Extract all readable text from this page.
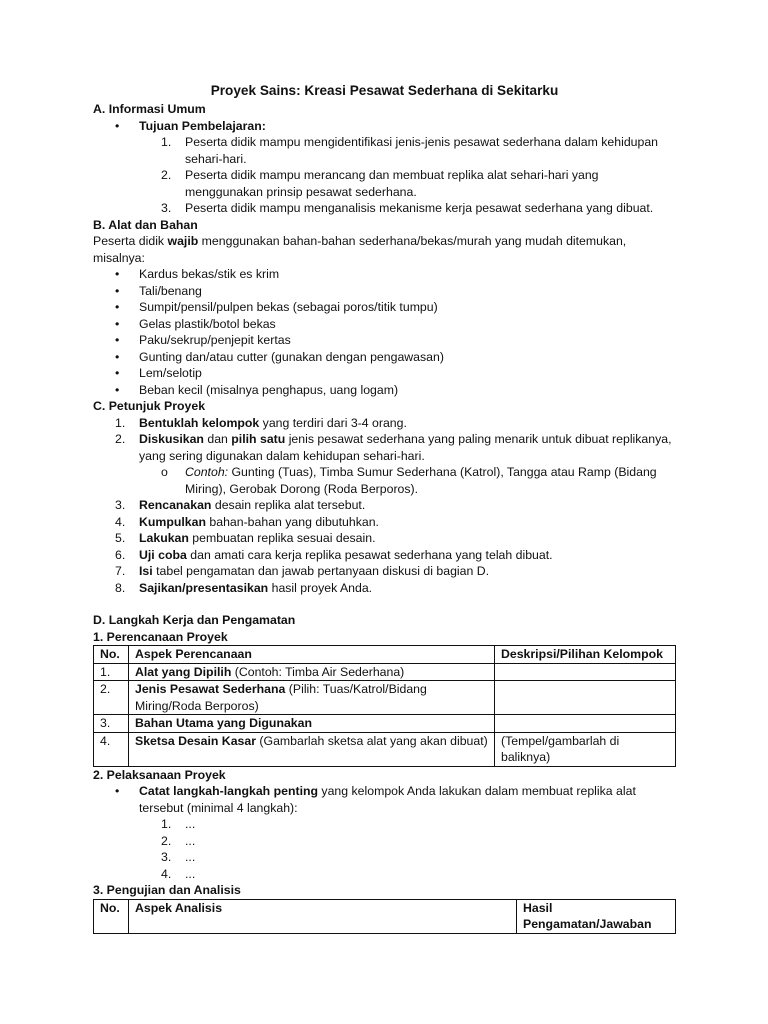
Proyek Sains: Kreasi Pesawat Sederhana di Sekitarku
A. Informasi Umum
• Tujuan Pembelajaran:
1. Peserta didik mampu mengidentifikasi jenis-jenis pesawat sederhana dalam kehidupan sehari-hari.
2. Peserta didik mampu merancang dan membuat replika alat sehari-hari yang menggunakan prinsip pesawat sederhana.
3. Peserta didik mampu menganalisis mekanisme kerja pesawat sederhana yang dibuat.
B. Alat dan Bahan

Peserta didik wajib menggunakan bahan-bahan sederhana/bekas/murah yang mudah ditemukan, misalnya:

• Kardus bekas/stik es krim
• Tali/benang
• Sumpit/pensil/pulpen bekas (sebagai poros/titik tumpu)
• Gelas plastik/botol bekas
• Paku/sekrup/penjepit kertas
• Gunting dan/atau cutter (gunakan dengan pengawasan)
• Lem/selotip
• Beban kecil (misalnya penghapus, uang logam)
C. Petunjuk Proyek
1. Bentuklah kelompok yang terdiri dari 3-4 orang.
2. Diskusikan dan pilih satu jenis pesawat sederhana yang paling menarik untuk dibuat replikanya, yang sering digunakan dalam kehidupan sehari-hari.
o Contoh: Gunting (Tuas), Timba Sumur Sederhana (Katrol), Tangga atau Ramp (Bidang Miring), Gerobak Dorong (Roda Berporos).
3. Rencanakan desain replika alat tersebut.
4. Kumpulkan bahan-bahan yang dibutuhkan.
5. Lakukan pembuatan replika sesuai desain.
6. Uji coba dan amati cara kerja replika pesawat sederhana yang telah dibuat.
7. Isi tabel pengamatan dan jawab pertanyaan diskusi di bagian D.
8. Sajikan/presentasikan hasil proyek Anda.
D. Langkah Kerja dan Pengamatan
1. Perencanaan Proyek
No.	Aspek Perencanaan	Deskripsi/Pilihan Kelompok
1.	Alat yang Dipilih (Contoh: Timba Air Sederhana)	
2.	Jenis Pesawat Sederhana (Pilih: Tuas/Katrol/Bidang Miring/Roda Berporos)	
3.	Bahan Utama yang Digunakan	
4.	Sketsa Desain Kasar (Gambarlah sketsa alat yang akan dibuat)	(Tempel/gambarlah di baliknya)
2. Pelaksanaan Proyek
• Catat langkah-langkah penting yang kelompok Anda lakukan dalam membuat replika alat tersebut (minimal 4 langkah):
1. ...
2. ...
3. ...
4. ...
3. Pengujian dan Analisis
No.	Aspek Analisis	Hasil Pengamatan/Jawaban
